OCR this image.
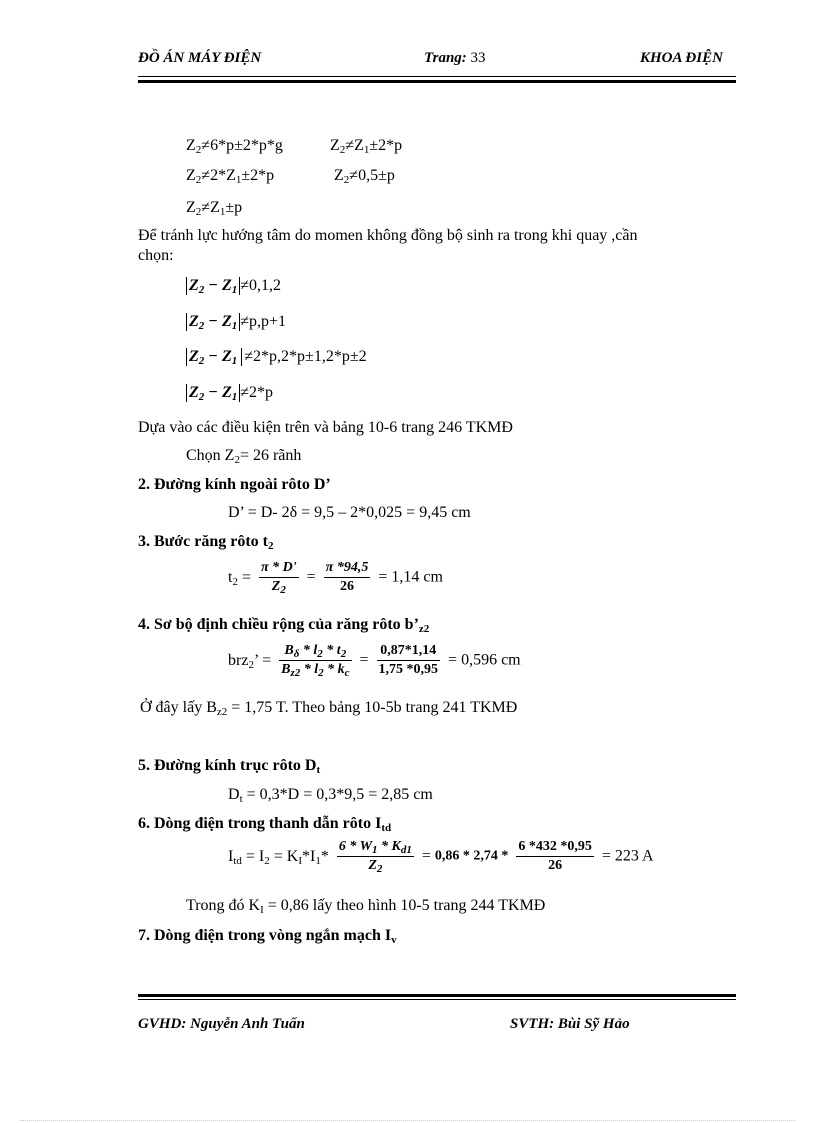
ĐỒ ÁN MÁY ĐIỆN	Trang: 33	KHOA ĐIỆN
$Z_2\ne 6*p\pm 2*p*g$	$Z_2\ne Z_1\pm 2*p$
$Z_2\ne 2*Z_1\pm 2*p$	$Z_2\ne 0,5\pm p$
$Z_2\ne Z_1\pm p$
Để tránh lực hướng tâm do momen không đồng bộ sinh ra trong khi quay ,cần
chọn:
$Z_2 - Z_1 \ne 0,1,2$
$Z_2 - Z_1 \ne p,p+1$
$Z_2 - Z_1 \ne 2*p,2*p\pm 1,2*p\pm 2$
$Z_2 - Z_1 \ne 2*p$
Dựa vào các điều kiện trên và bảng 10-6 trang 246 TKMĐ
Chọn $Z_2= 26$ rãnh
2. Đường kính ngoài rôto D’
D’ = D- 2δ = 9,5 – 2*0,025 = 9,45 cm
3. Bước răng rôto $t_2$
$t_2 = \frac{\pi * D'}{Z_2} = \frac{\pi *94,5}{26} = 1,14$ cm
4. Sơ bộ định chiều rộng của răng rôto $b’_{z2}$
brz$_2$’ = $\frac{B_\delta * l_2 * t_2}{B_{z2} * l_2 * k_c} = \frac{0,87*1,14}{1,75 *0,95} = 0,596$ cm
Ở đây lấy $B_{z2} = 1,75$ T. Theo bảng 10-5b trang 241 TKMĐ
5. Đường kính trục rôto $D_t$
$D_t = 0,3*D = 0,3*9,5 = 2,85$ cm
6. Dòng điện trong thanh dẫn rôto $I_{td}$
$I_{td} = I_2 = K_I*I_1* \frac{6 * W_1 * K_{d1}}{Z_2} = 0,86 * 2,74 * \frac{6 *432 *0,95}{26} = 223$ A
Trong đó $K_I = 0,86$ lấy theo hình 10-5 trang 244 TKMĐ
7. Dòng điện trong vòng ngắn mạch $I_v$
GVHD: Nguyễn Anh Tuấn	SVTH: Bùi Sỹ Hảo
